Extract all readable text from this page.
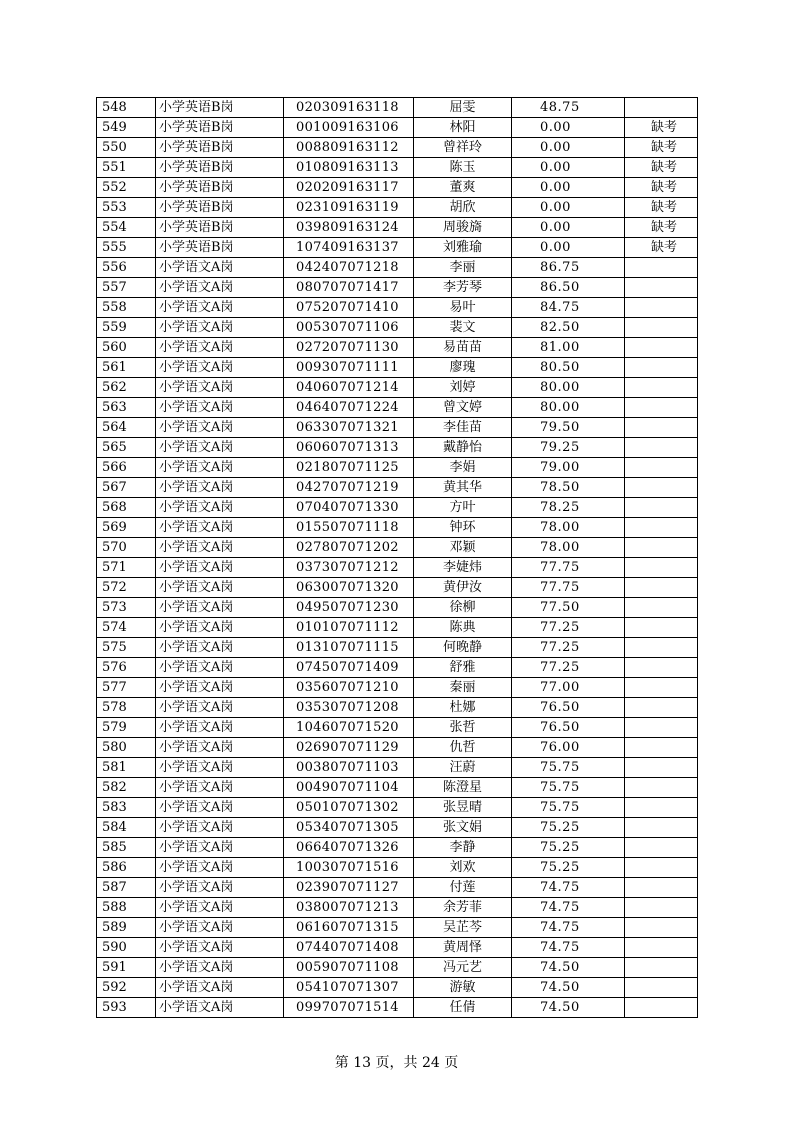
548	小学英语B岗	020309163118	屈雯	48.75	
549	小学英语B岗	001009163106	林阳	0.00	缺考
550	小学英语B岗	008809163112	曾祥玲	0.00	缺考
551	小学英语B岗	010809163113	陈玉	0.00	缺考
552	小学英语B岗	020209163117	董爽	0.00	缺考
553	小学英语B岗	023109163119	胡欣	0.00	缺考
554	小学英语B岗	039809163124	周骏旖	0.00	缺考
555	小学英语B岗	107409163137	刘雅瑜	0.00	缺考
556	小学语文A岗	042407071218	李丽	86.75	
557	小学语文A岗	080707071417	李芳琴	86.50	
558	小学语文A岗	075207071410	易叶	84.75	
559	小学语文A岗	005307071106	裴文	82.50	
560	小学语文A岗	027207071130	易苗苗	81.00	
561	小学语文A岗	009307071111	廖瑰	80.50	
562	小学语文A岗	040607071214	刘婷	80.00	
563	小学语文A岗	046407071224	曾文婷	80.00	
564	小学语文A岗	063307071321	李佳苗	79.50	
565	小学语文A岗	060607071313	戴静怡	79.25	
566	小学语文A岗	021807071125	李娟	79.00	
567	小学语文A岗	042707071219	黄其华	78.50	
568	小学语文A岗	070407071330	方叶	78.25	
569	小学语文A岗	015507071118	钟环	78.00	
570	小学语文A岗	027807071202	邓颖	78.00	
571	小学语文A岗	037307071212	李婕炜	77.75	
572	小学语文A岗	063007071320	黄伊汝	77.75	
573	小学语文A岗	049507071230	徐柳	77.50	
574	小学语文A岗	010107071112	陈典	77.25	
575	小学语文A岗	013107071115	何晚静	77.25	
576	小学语文A岗	074507071409	舒雅	77.25	
577	小学语文A岗	035607071210	秦丽	77.00	
578	小学语文A岗	035307071208	杜娜	76.50	
579	小学语文A岗	104607071520	张哲	76.50	
580	小学语文A岗	026907071129	仇哲	76.00	
581	小学语文A岗	003807071103	汪蔚	75.75	
582	小学语文A岗	004907071104	陈澄星	75.75	
583	小学语文A岗	050107071302	张昱晴	75.75	
584	小学语文A岗	053407071305	张文娟	75.25	
585	小学语文A岗	066407071326	李静	75.25	
586	小学语文A岗	100307071516	刘欢	75.25	
587	小学语文A岗	023907071127	付莲	74.75	
588	小学语文A岗	038007071213	余芳菲	74.75	
589	小学语文A岗	061607071315	吴芷芩	74.75	
590	小学语文A岗	074407071408	黄周怿	74.75	
591	小学语文A岗	005907071108	冯元艺	74.50	
592	小学语文A岗	054107071307	游敏	74.50	
593	小学语文A岗	099707071514	任倩	74.50	
第 13 页，共 24 页
